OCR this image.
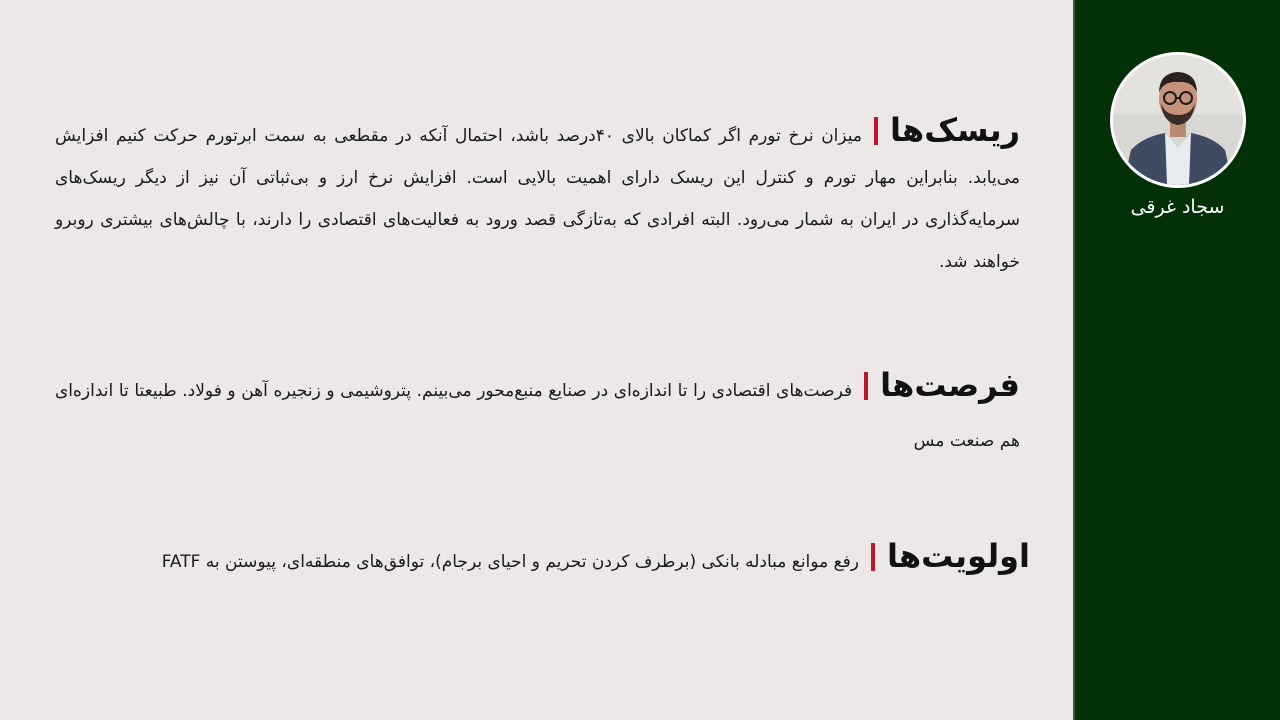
سجاد غرقی
ریسک‌هامیزان نرخ تورم اگر کماکان بالای ۴۰درصد باشد، احتمال آنکه در مقطعی به سمت ابرتورم حرکت کنیم افزایش می‌یابد. بنابراین مهار تورم و کنترل این ریسک دارای اهمیت بالایی است. افزایش نرخ ارز و بی‌ثباتی آن نیز از دیگر ریسک‌های سرمایه‌گذاری در ایران به شمار می‌رود. البته افرادی که به‌تازگی قصد ورود به فعالیت‌های اقتصادی را دارند، با چالش‌های بیشتری روبرو خواهند شد.
فرصت‌هافرصت‌های اقتصادی را تا اندازه‌ای در صنایع منبع‌محور می‌بینم. پتروشیمی و زنجیره آهن و فولاد. طبیعتا تا اندازه‌ای هم صنعت مس
اولویت‌هارفع موانع مبادله بانکی (برطرف کردن تحریم و احیای برجام)، توافق‌های منطقه‌ای، پیوستن به FATF
